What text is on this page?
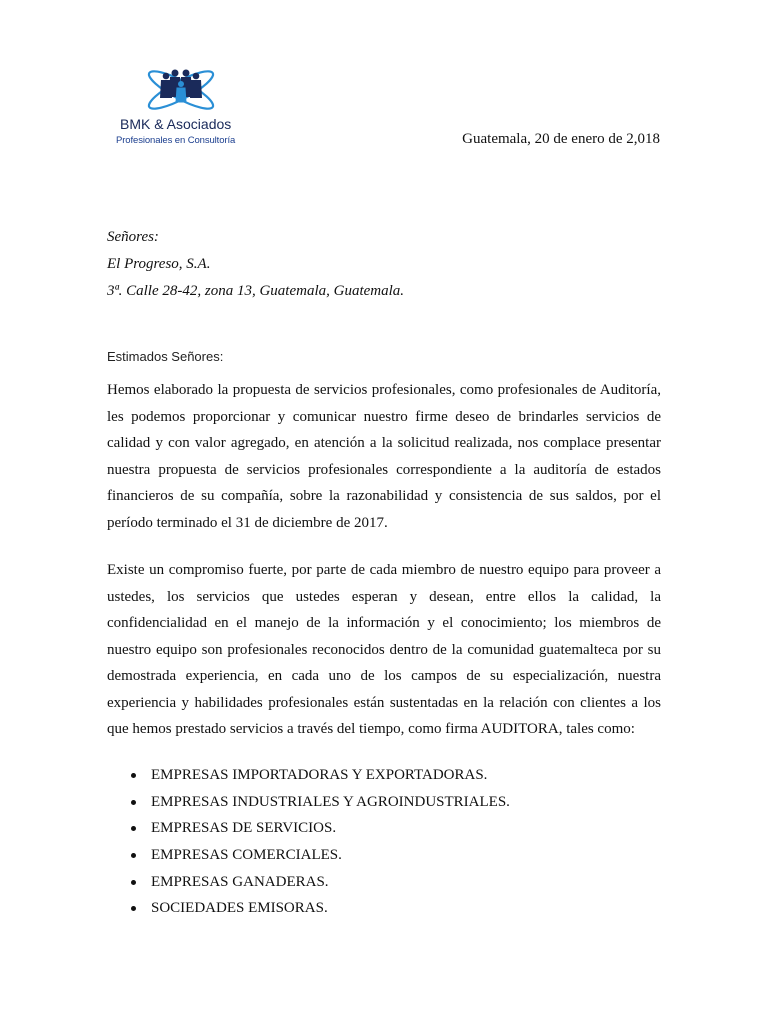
BMK & Asociados
Profesionales en Consultoría	Guatemala, 20 de enero de 2,018
Señores:
El Progreso, S.A.
3ª. Calle 28-42, zona 13, Guatemala, Guatemala.
Estimados Señores:
Hemos elaborado la propuesta de servicios profesionales, como profesionales de Auditoría, les podemos proporcionar y comunicar nuestro firme deseo de brindarles servicios de calidad y con valor agregado, en atención a la solicitud realizada, nos complace presentar nuestra propuesta de servicios profesionales correspondiente a la auditoría de estados financieros de su compañía, sobre la razonabilidad y consistencia de sus saldos, por el período terminado el 31 de diciembre de 2017.
Existe un compromiso fuerte, por parte de cada miembro de nuestro equipo para proveer a ustedes, los servicios que ustedes esperan y desean, entre ellos la calidad, la confidencialidad en el manejo de la información y el conocimiento; los miembros de nuestro equipo son profesionales reconocidos dentro de la comunidad guatemalteca por su demostrada experiencia, en cada uno de los campos de su especialización, nuestra experiencia y habilidades profesionales están sustentadas en la relación con clientes a los que hemos prestado servicios a través del tiempo, como firma AUDITORA, tales como:
EMPRESAS IMPORTADORAS Y EXPORTADORAS.
EMPRESAS INDUSTRIALES Y AGROINDUSTRIALES.
EMPRESAS DE SERVICIOS.
EMPRESAS COMERCIALES.
EMPRESAS GANADERAS.
SOCIEDADES EMISORAS.
